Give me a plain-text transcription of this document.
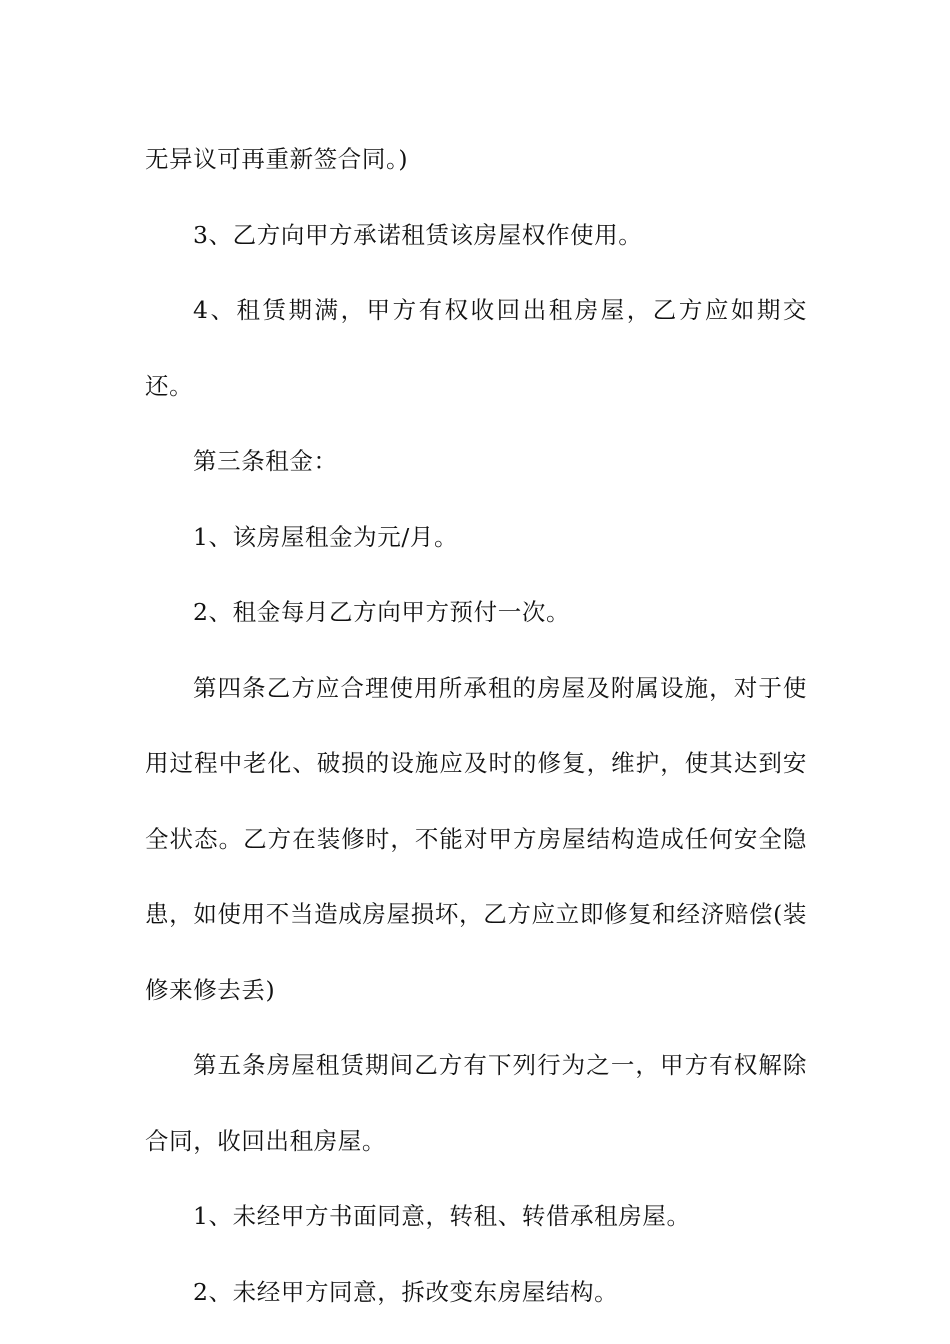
无异议可再重新签合同。)

3、乙方向甲方承诺租赁该房屋权作使用。

4、租赁期满，甲方有权收回出租房屋，乙方应如期交还。

第三条租金：

1、该房屋租金为元/月。

2、租金每月乙方向甲方预付一次。

第四条乙方应合理使用所承租的房屋及附属设施，对于使用过程中老化、破损的设施应及时的修复，维护，使其达到安全状态。乙方在装修时，不能对甲方房屋结构造成任何安全隐患，如使用不当造成房屋损坏，乙方应立即修复和经济赔偿(装修来修去丢)

第五条房屋租赁期间乙方有下列行为之一，甲方有权解除合同，收回出租房屋。

1、未经甲方书面同意，转租、转借承租房屋。

2、未经甲方同意，拆改变东房屋结构。
